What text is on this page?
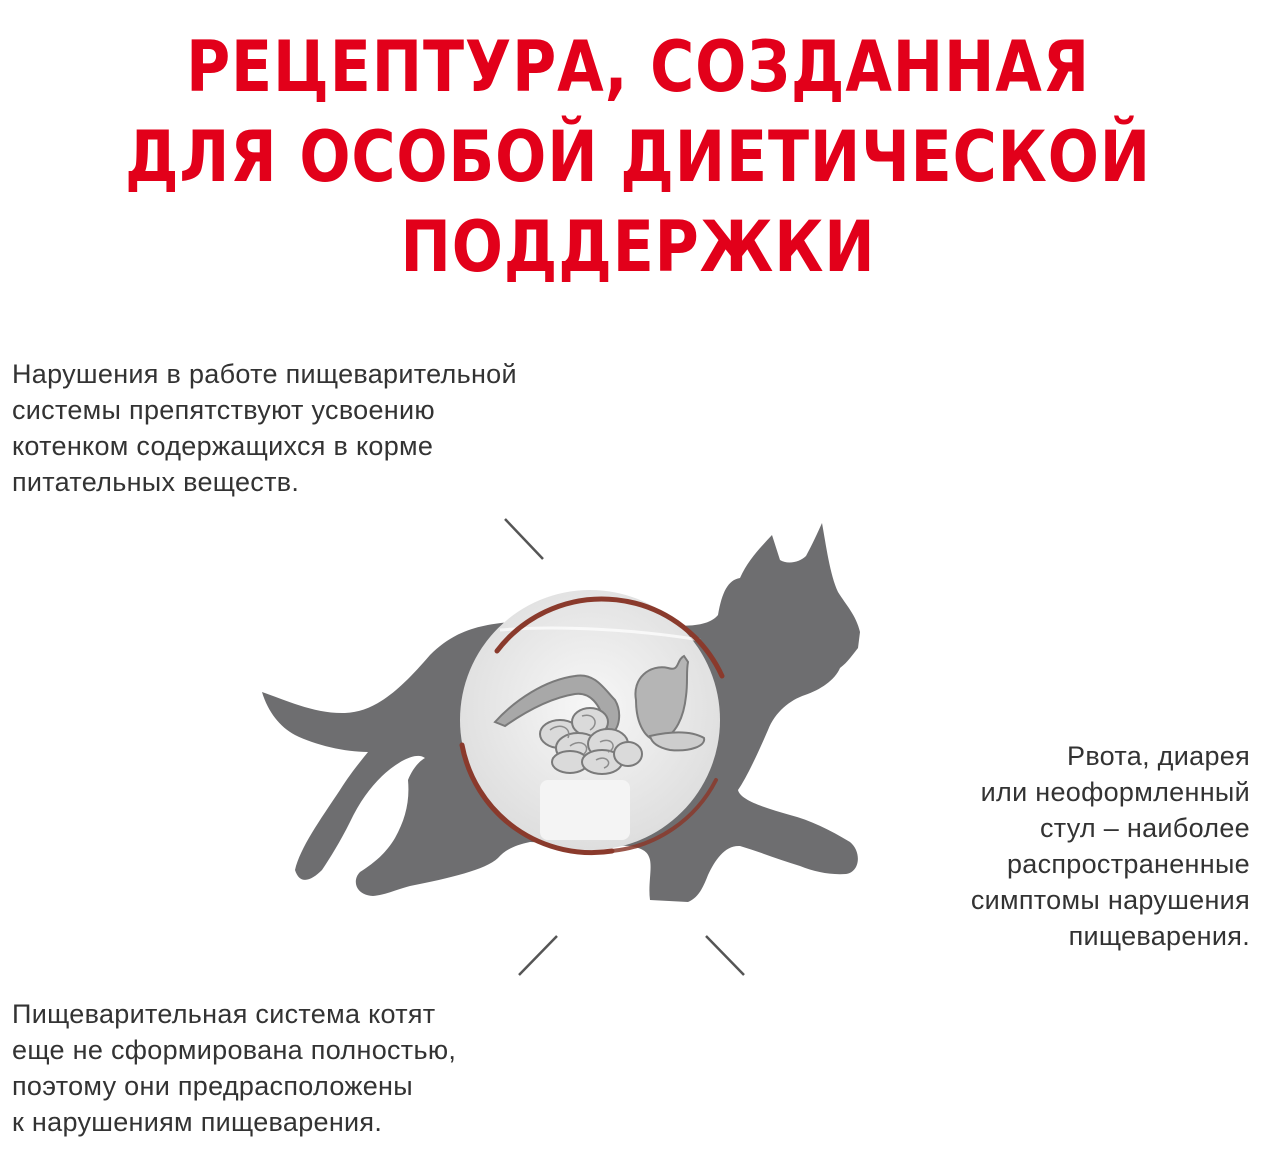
РЕЦЕПТУРА, СОЗДАННАЯ
ДЛЯ ОСОБОЙ ДИЕТИЧЕСКОЙ
ПОДДЕРЖКИ
Нарушения в работе пищеварительной
системы препятствуют усвоению
котенком содержащихся в корме
питательных веществ.
Рвота, диарея
или неоформленный
стул – наиболее
распространенные
симптомы нарушения
пищеварения.
Пищеварительная система котят
еще не сформирована полностью,
поэтому они предрасположены
к нарушениям пищеварения.
